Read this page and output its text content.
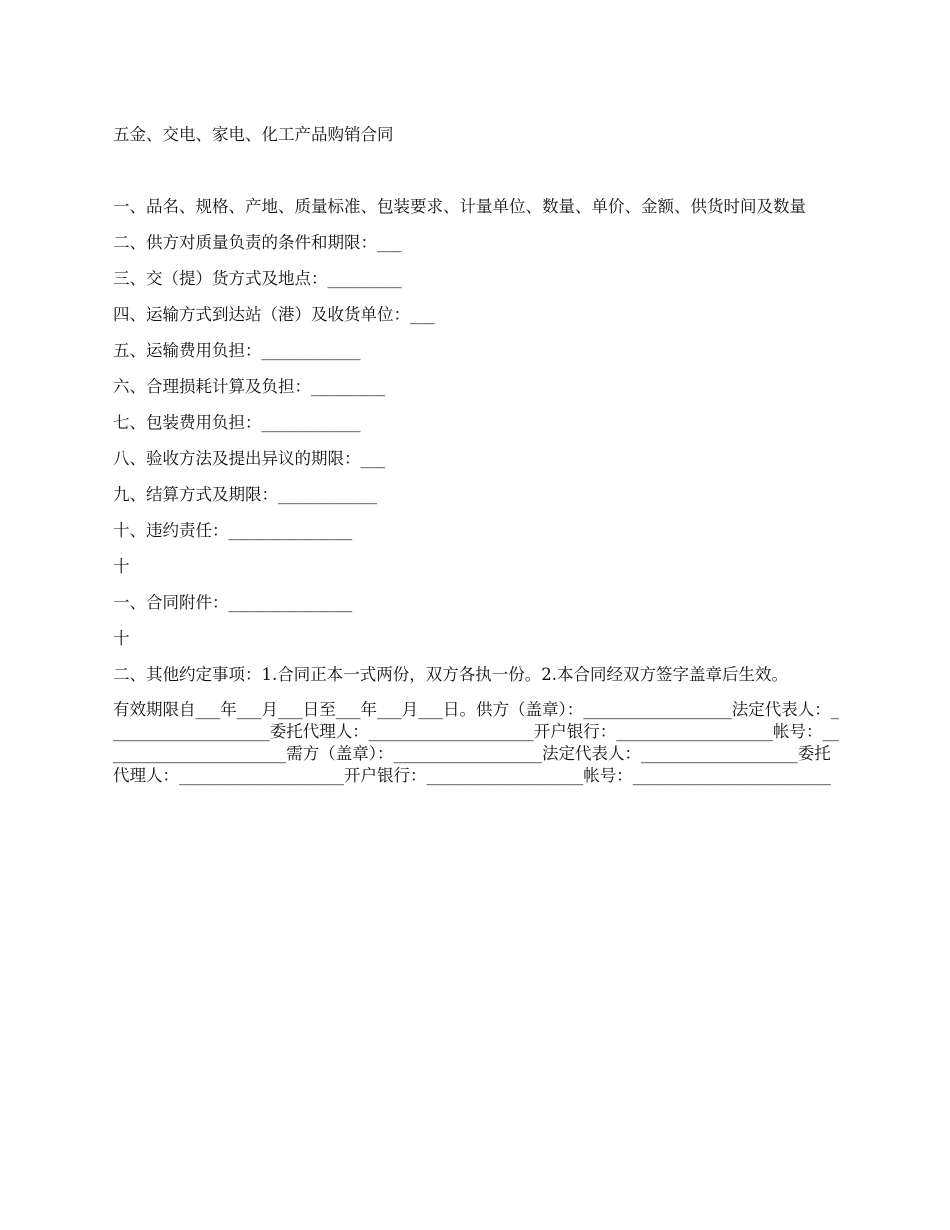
五金、交电、家电、化工产品购销合同

一、品名、规格、产地、质量标准、包装要求、计量单位、数量、单价、金额、供货时间及数量

二、供方对质量负责的条件和期限：___

三、交（提）货方式及地点：_________

四、运输方式到达站（港）及收货单位：___

五、运输费用负担：____________

六、合理损耗计算及负担：_________

七、包装费用负担：____________

八、验收方法及提出异议的期限：___

九、结算方式及期限：____________

十、违约责任：_______________

十

一、合同附件：_______________

十

二、其他约定事项：1.合同正本一式两份，双方各执一份。2.本合同经双方签字盖章后生效。

有效期限自___年___月___日至___年___月___日。供方（盖章）：__________________法定代表人：____________________委托代理人：____________________开户银行：___________________帐号：_______________________需方（盖章）：__________________法定代表人：___________________委托代理人：____________________开户银行：___________________帐号：________________________
